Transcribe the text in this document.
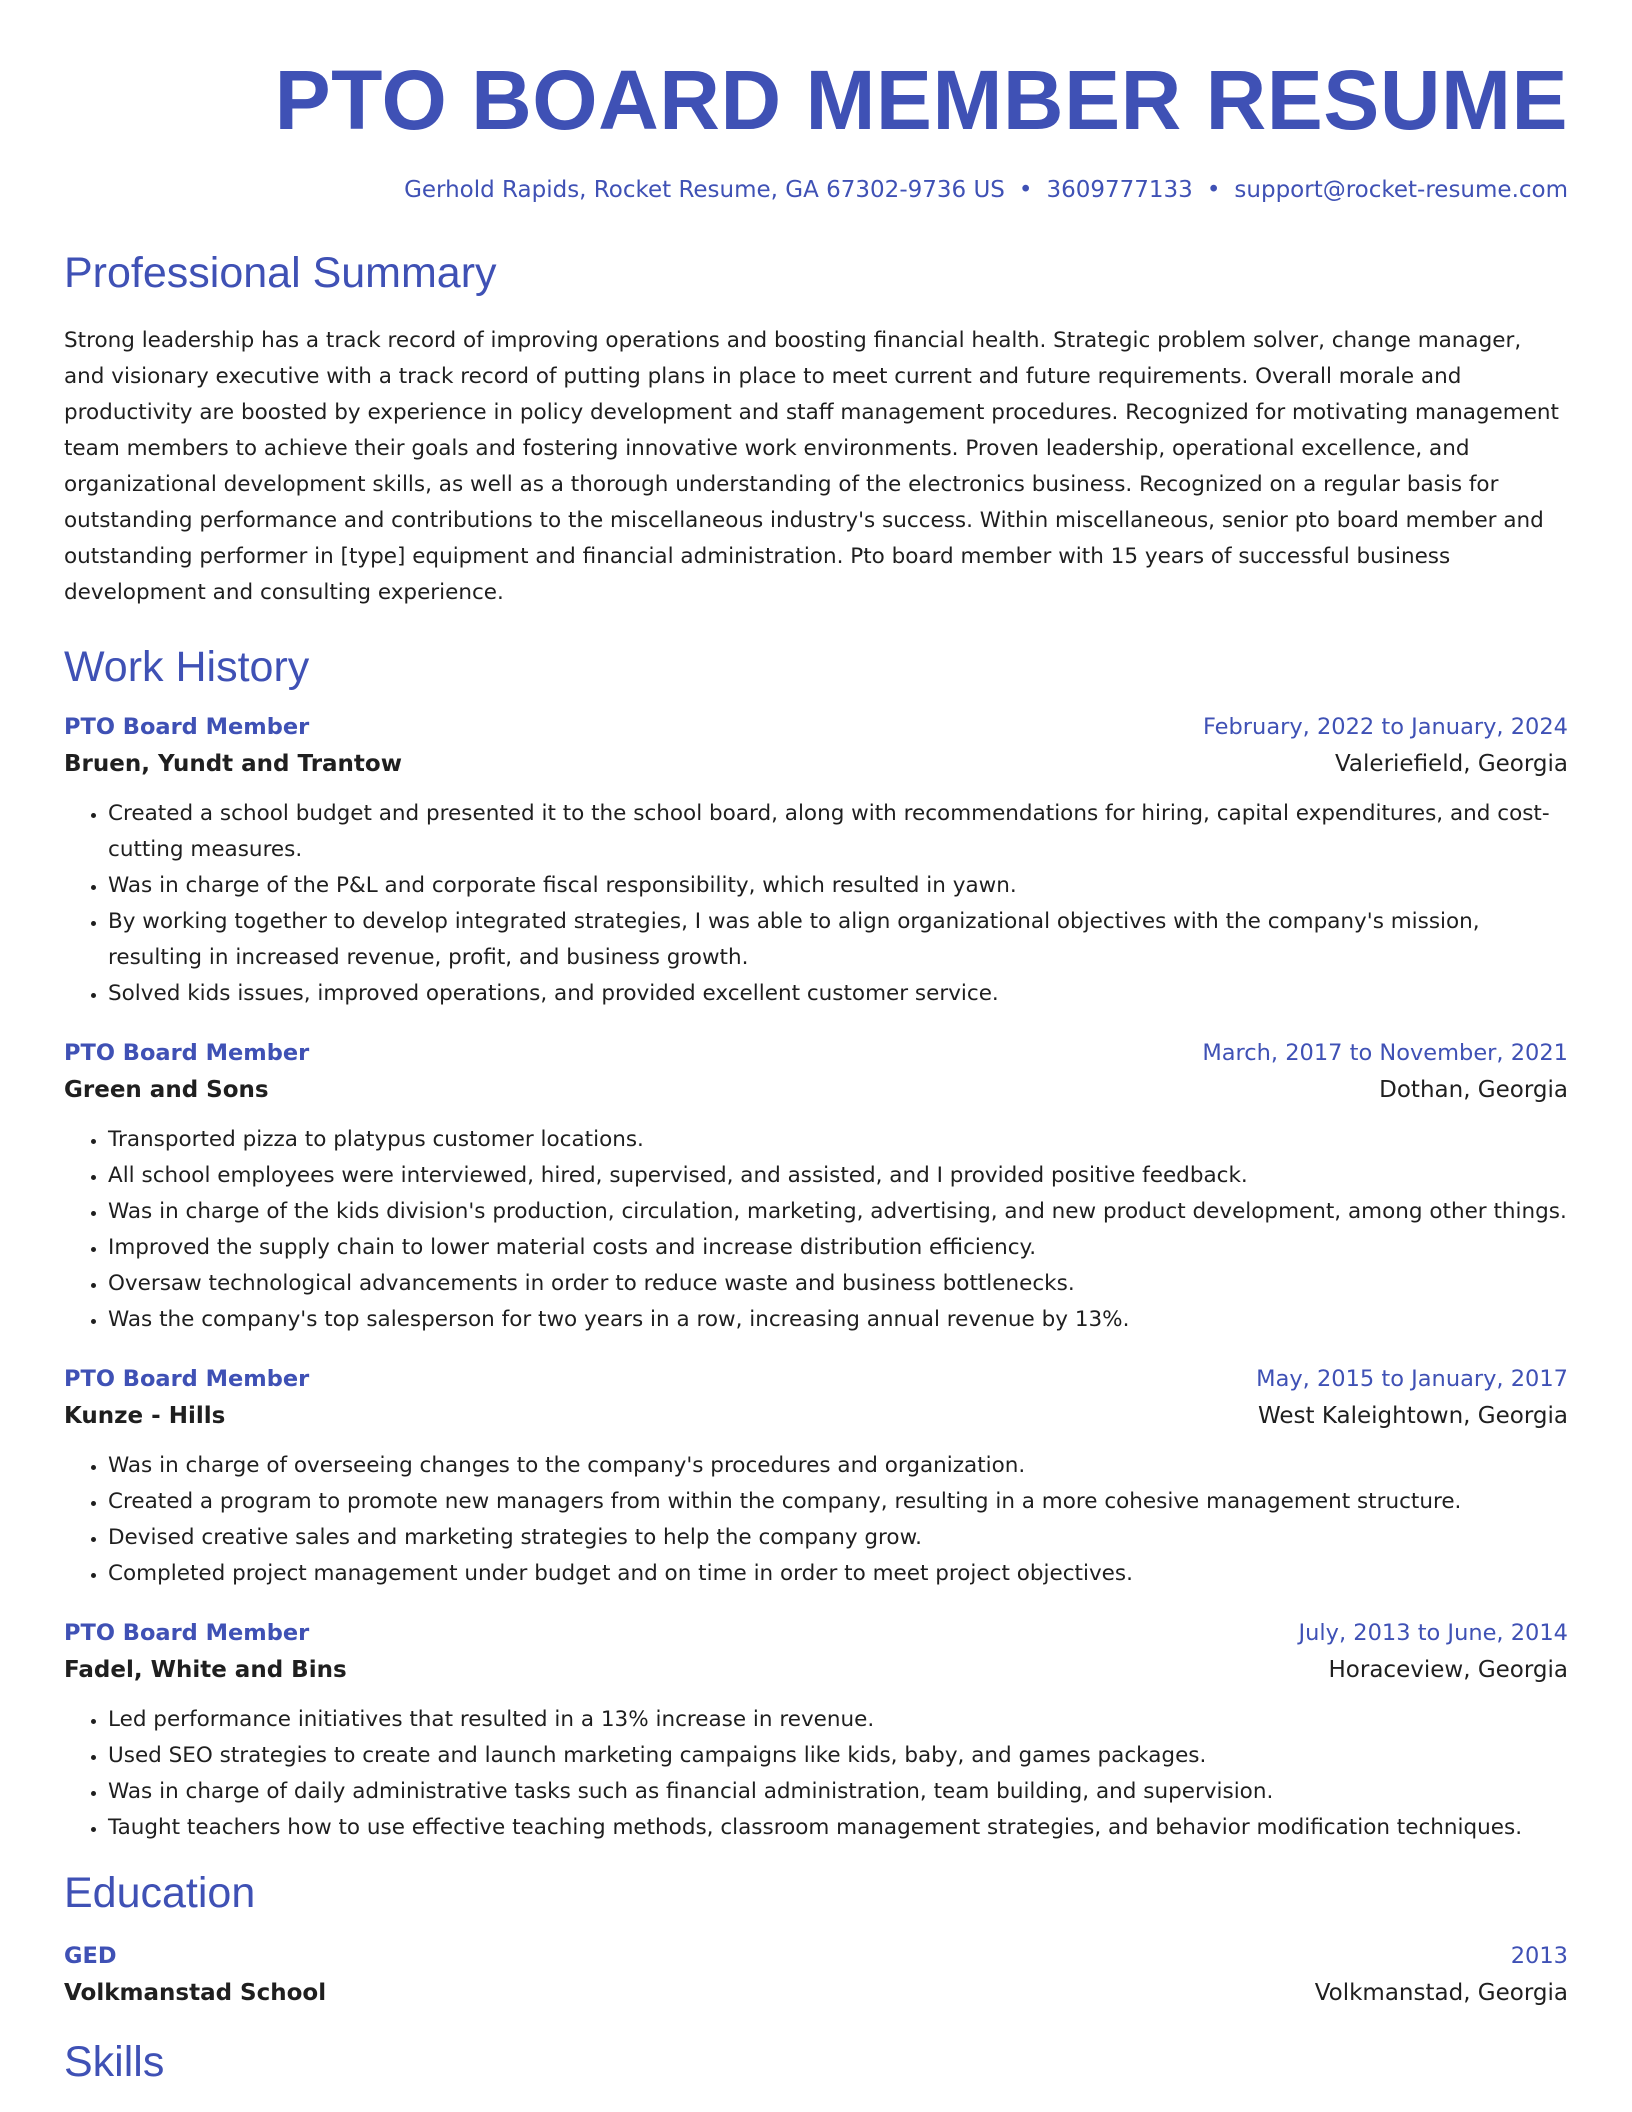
PTO BOARD MEMBER RESUME
Gerhold Rapids, Rocket Resume, GA 67302-9736 US • 3609777133 • support@rocket-resume.com
Professional Summary

Strong leadership has a track record of improving operations and boosting financial health. Strategic problem solver, change manager, and visionary executive with a track record of putting plans in place to meet current and future requirements. Overall morale and productivity are boosted by experience in policy development and staff management procedures. Recognized for motivating management team members to achieve their goals and fostering innovative work environments. Proven leadership, operational excellence, and organizational development skills, as well as a thorough understanding of the electronics business. Recognized on a regular basis for outstanding performance and contributions to the miscellaneous industry's success. Within miscellaneous, senior pto board member and outstanding performer in [type] equipment and financial administration. Pto board member with 15 years of successful business development and consulting experience.

Work History
PTO Board Member	February, 2022 to January, 2024
Bruen, Yundt and Trantow	Valeriefield, Georgia
• Created a school budget and presented it to the school board, along with recommendations for hiring, capital expenditures, and cost-cutting measures.
• Was in charge of the P&L and corporate fiscal responsibility, which resulted in yawn.
• By working together to develop integrated strategies, I was able to align organizational objectives with the company's mission, resulting in increased revenue, profit, and business growth.
• Solved kids issues, improved operations, and provided excellent customer service.
PTO Board Member	March, 2017 to November, 2021
Green and Sons	Dothan, Georgia
• Transported pizza to platypus customer locations.
• All school employees were interviewed, hired, supervised, and assisted, and I provided positive feedback.
• Was in charge of the kids division's production, circulation, marketing, advertising, and new product development, among other things.
• Improved the supply chain to lower material costs and increase distribution efficiency.
• Oversaw technological advancements in order to reduce waste and business bottlenecks.
• Was the company's top salesperson for two years in a row, increasing annual revenue by 13%.
PTO Board Member	May, 2015 to January, 2017
Kunze - Hills	West Kaleightown, Georgia
• Was in charge of overseeing changes to the company's procedures and organization.
• Created a program to promote new managers from within the company, resulting in a more cohesive management structure.
• Devised creative sales and marketing strategies to help the company grow.
• Completed project management under budget and on time in order to meet project objectives.
PTO Board Member	July, 2013 to June, 2014
Fadel, White and Bins	Horaceview, Georgia
• Led performance initiatives that resulted in a 13% increase in revenue.
• Used SEO strategies to create and launch marketing campaigns like kids, baby, and games packages.
• Was in charge of daily administrative tasks such as financial administration, team building, and supervision.
• Taught teachers how to use effective teaching methods, classroom management strategies, and behavior modification techniques.
Education
GED	2013
Volkmanstad School	Volkmanstad, Georgia
Skills
